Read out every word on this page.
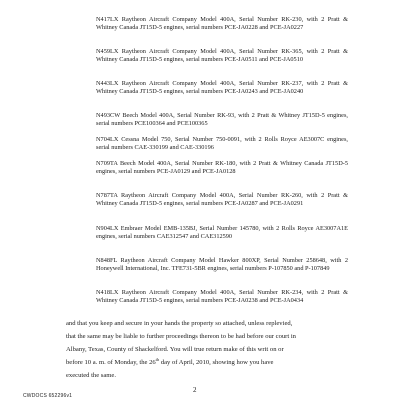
N417LX Raytheon Aircraft Company Model 400A, Serial Number RK-230, with 2 Pratt & Whitney Canada JT15D-5 engines, serial numbers PCE-JA0228 and PCE-JA0227

N459LX Raytheon Aircraft Company Model 400A, Serial Number RK-365, with 2 Pratt & Whitney Canada JT15D-5 engines, serial numbers PCE-JA0511 and PCE-JA0510

N443LX Raytheon Aircraft Company Model 400A, Serial Number RK-237, with 2 Pratt & Whitney Canada JT15D-5 engines, serial numbers PCE-JA0243 and PCE-JA0240

N493CW Beech Model 400A, Serial Number RK-93, with 2 Pratt & Whitney JT15D-5 engines, serial numbers PCE100364 and PCE100365

N704LX Cessna Model 750, Serial Number 750-0091, with 2 Rolls Royce AE3007C engines, serial numbers CAE-330199 and CAE-330196

N709TA Beech Model 400A, Serial Number RK-180, with 2 Pratt & Whitney Canada JT15D-5 engines, serial numbers PCE-JA0129 and PCE-JA0128

N787TA Raytheon Aircraft Company Model 400A, Serial Number RK-260, with 2 Pratt & Whitney Canada JT15D-5 engines, serial numbers PCE-JA0287 and PCE-JA0291

N904LX Embraer Model EMB-135BJ, Serial Number 145780, with 2 Rolls Royce AE3007A1E engines, serial numbers CAE312547 and CAE312590

N848FL Raytheon Aircraft Company Model Hawker 800XP, Serial Number 258648, with 2 Honeywell International, Inc. TFE731-5BR engines, serial numbers P-107850 and P-107849

N418LX Raytheon Aircraft Company Model 400A, Serial Number RK-234, with 2 Pratt & Whitney Canada JT15D-5 engines, serial numbers PCE-JA0238 and PCE-JA0434

and that you keep and secure in your hands the property so attached, unless replevied,

that the same may be liable to further proceedings thereon to be had before our court in

Albany, Texas, County of Shackelford. You will true return make of this writ on or

before 10 a. m. of Monday, the 26th day of April, 2010, showing how you have

executed the same.

2
CWDOCS 652296v1
